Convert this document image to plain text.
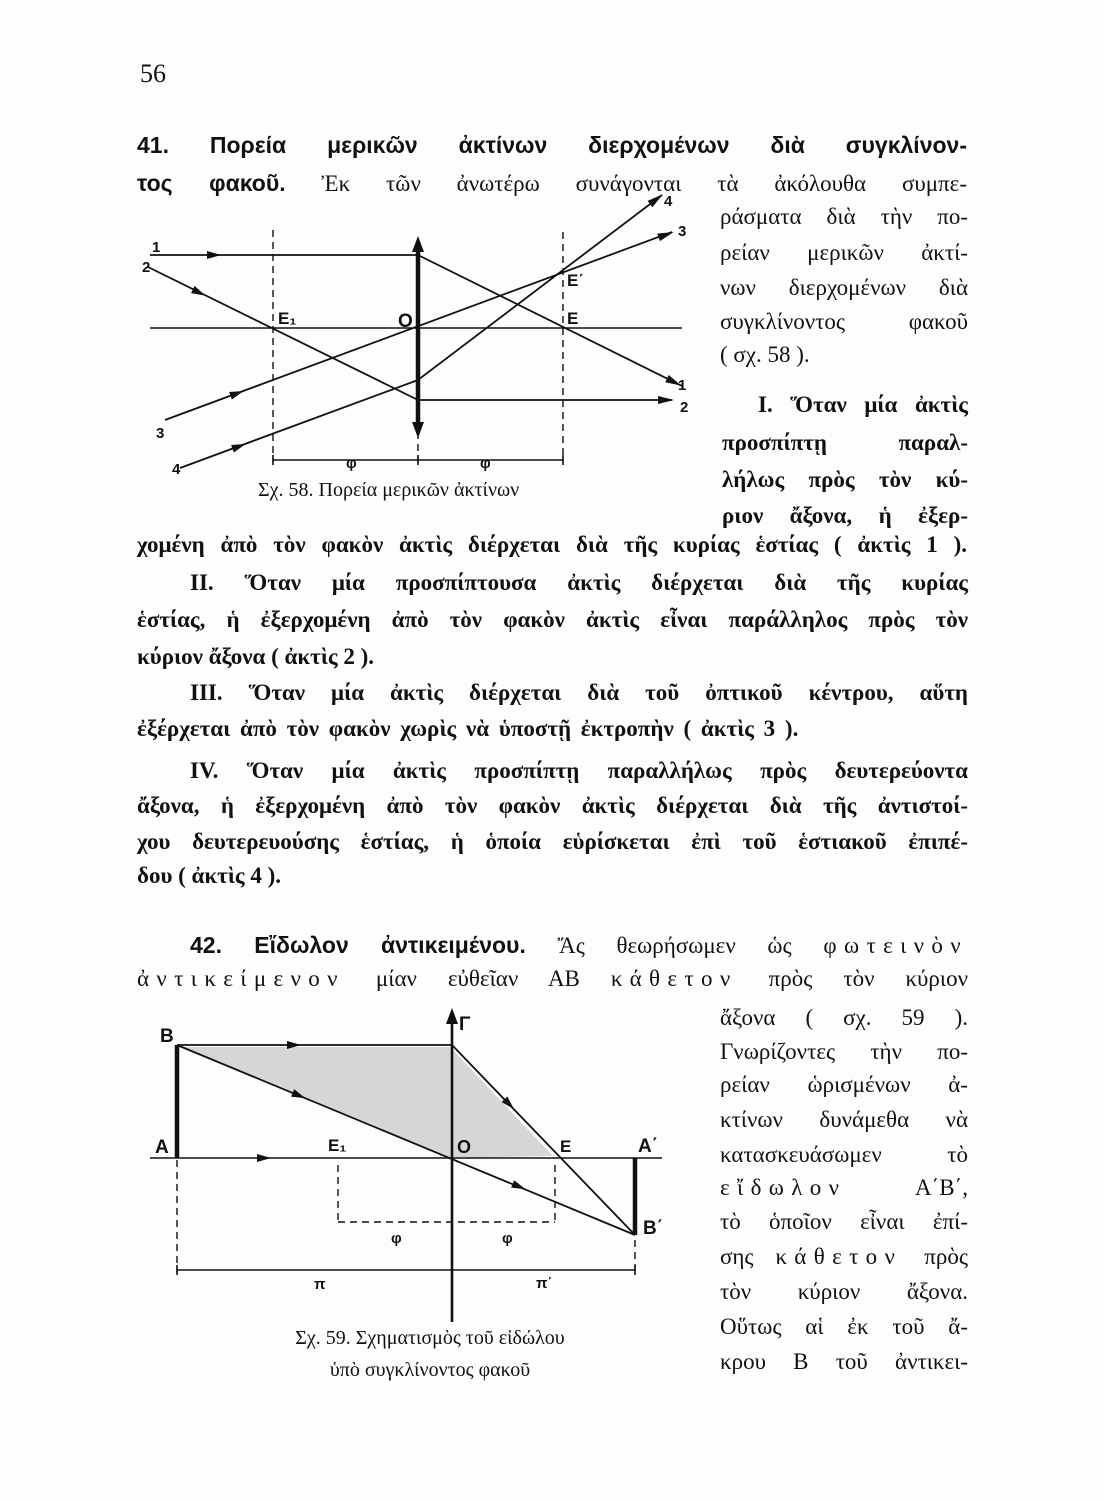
56
41. Πορεία μερικῶν ἀκτίνων διερχομένων διὰ συγκλίνον-
τος φακοῦ. Ἐκ τῶν ἀνωτέρω συνάγονται τὰ ἀκόλουθα συμπε-
ράσματα διὰ τὴν πο-
ρείαν μερικῶν ἀκτί-
νων διερχομένων διὰ
συγκλίνοντος φακοῦ
( σχ. 58 ).
I. Ὅταν μία ἀκτὶς
προσπίπτῃ παραλ-
λήλως πρὸς τὸν κύ-
ριον ἄξονα, ἡ ἐξερ-
χομένη ἀπὸ τὸν φακὸν ἀκτὶς διέρχεται διὰ τῆς κυρίας ἑστίας ( ἀκτὶς 1 ).
Σχ. 58. Πορεία μερικῶν ἀκτίνων
II. Ὅταν μία προσπίπτουσα ἀκτὶς διέρχεται διὰ τῆς κυρίας
ἑστίας, ἡ ἐξερχομένη ἀπὸ τὸν φακὸν ἀκτὶς εἶναι παράλληλος πρὸς τὸν
κύριον ἄξονα ( ἀκτὶς 2 ).
III. Ὅταν μία ἀκτὶς διέρχεται διὰ τοῦ ὀπτικοῦ κέντρου, αὕτη
ἐξέρχεται ἀπὸ τὸν φακὸν χωρὶς νὰ ὑποστῇ ἐκτροπὴν ( ἀκτὶς 3 ).
IV. Ὅταν μία ἀκτὶς προσπίπτῃ παραλλήλως πρὸς δευτερεύοντα
ἄξονα, ἡ ἐξερχομένη ἀπὸ τὸν φακὸν ἀκτὶς διέρχεται διὰ τῆς ἀντιστοί-
χου δευτερευούσης ἑστίας, ἡ ὁποία εὑρίσκεται ἐπὶ τοῦ ἑστιακοῦ ἐπιπέ-
δου ( ἀκτὶς 4 ).
42. Εἴδωλον ἀντικειμένου. Ἄς θεωρήσωμεν ὡς φωτεινὸν
ἀντικείμενον μίαν εὐθεῖαν ΑΒ κάθετον πρὸς τὸν κύριον
ἄξονα ( σχ. 59 ).
Γνωρίζοντες τὴν πο-
ρείαν ὡρισμένων ἀ-
κτίνων δυνάμεθα νὰ
κατασκευάσωμεν τὸ
εἴδωλον Α΄Β΄,
τὸ ὁποῖον εἶναι ἐπί-
σης κάθετον πρὸς
τὸν κύριον ἄξονα.
Οὕτως αἱ ἐκ τοῦ ἄ-
κρου Β τοῦ ἀντικει-
Σχ. 59. Σχηματισμὸς τοῦ εἰδώλου
ὑπὸ συγκλίνοντος φακοῦ
φ	φ
1
2
3
4
1
2
3
4
Ε₁	Ο	Ε
Ε΄
Β
Α	Ε₁	Ο	Ε	Α΄
Β΄
Γ
φ	φ
π	π΄
